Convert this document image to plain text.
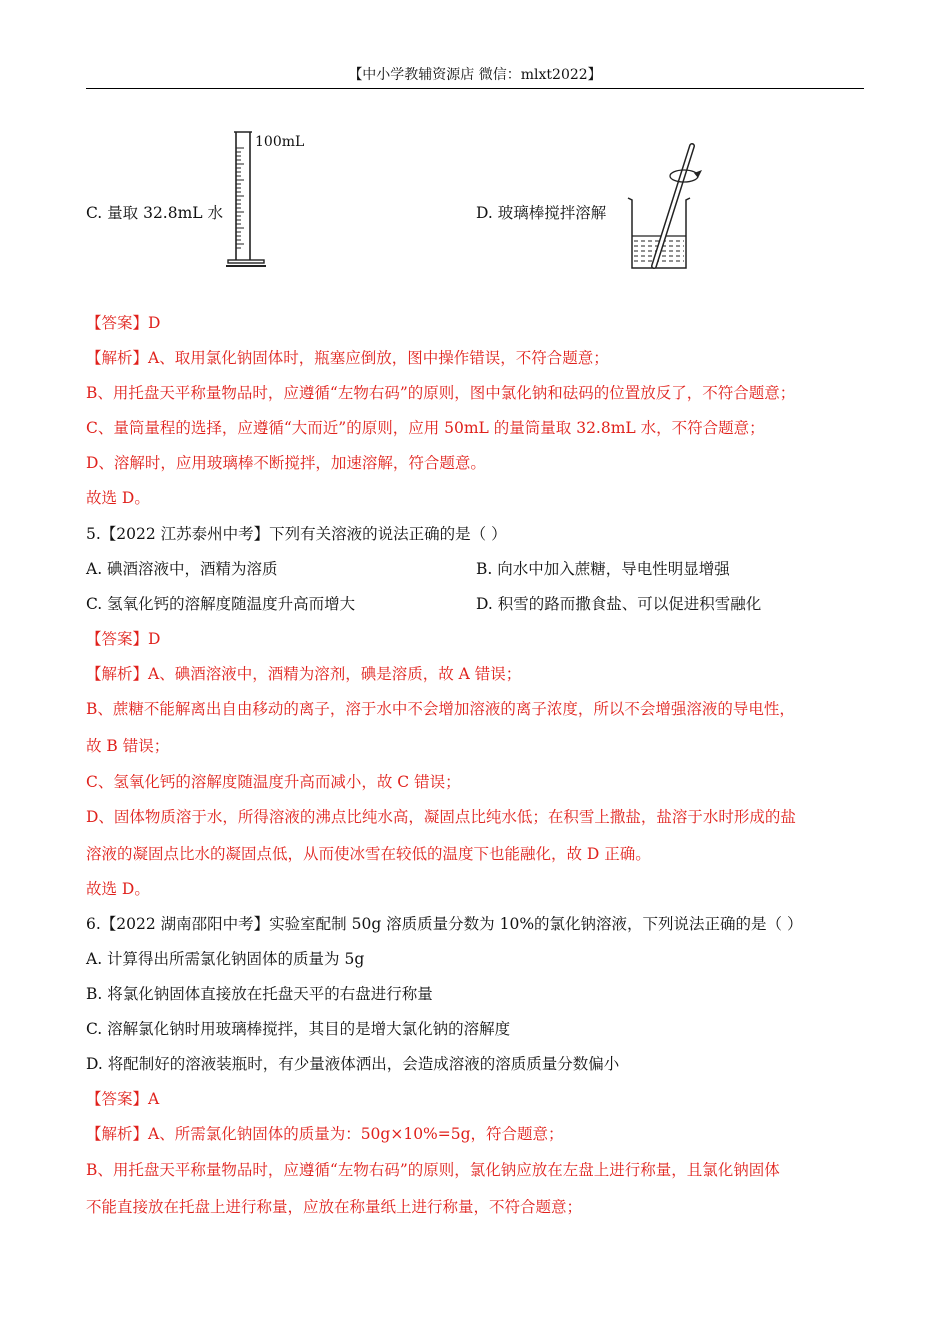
【中小学教辅资源店 微信：mlxt2022】
100mL
C. 量取 32.8mL 水	D. 玻璃棒搅拌溶解
【答案】D
【解析】A、取用氯化钠固体时，瓶塞应倒放，图中操作错误，不符合题意；
B、用托盘天平称量物品时，应遵循“左物右码”的原则，图中氯化钠和砝码的位置放反了，不符合题意；
C、量筒量程的选择，应遵循“大而近”的原则，应用 50mL 的量筒量取 32.8mL 水，不符合题意；
D、溶解时，应用玻璃棒不断搅拌，加速溶解，符合题意。
故选 D。
5.【2022 江苏泰州中考】下列有关溶液的说法正确的是（ ）
A. 碘酒溶液中，酒精为溶质	B. 向水中加入蔗糖，导电性明显增强
C. 氢氧化钙的溶解度随温度升高而增大	D. 积雪的路而撒食盐、可以促进积雪融化
【答案】D
【解析】A、碘酒溶液中，酒精为溶剂，碘是溶质，故 A 错误；
B、蔗糖不能解离出自由移动的离子，溶于水中不会增加溶液的离子浓度，所以不会增强溶液的导电性，
故 B 错误；
C、氢氧化钙的溶解度随温度升高而减小，故 C 错误；
D、固体物质溶于水，所得溶液的沸点比纯水高，凝固点比纯水低；在积雪上撒盐，盐溶于水时形成的盐
溶液的凝固点比水的凝固点低，从而使冰雪在较低的温度下也能融化，故 D 正确。
故选 D。
6.【2022 湖南邵阳中考】实验室配制 50g 溶质质量分数为 10%的氯化钠溶液，下列说法正确的是（ ）
A. 计算得出所需氯化钠固体的质量为 5g
B. 将氯化钠固体直接放在托盘天平的右盘进行称量
C. 溶解氯化钠时用玻璃棒搅拌，其目的是增大氯化钠的溶解度
D. 将配制好的溶液装瓶时，有少量液体洒出，会造成溶液的溶质质量分数偏小
【答案】A
【解析】A、所需氯化钠固体的质量为：50g×10%=5g，符合题意；
B、用托盘天平称量物品时，应遵循“左物右码”的原则，氯化钠应放在左盘上进行称量，且氯化钠固体
不能直接放在托盘上进行称量，应放在称量纸上进行称量，不符合题意；
